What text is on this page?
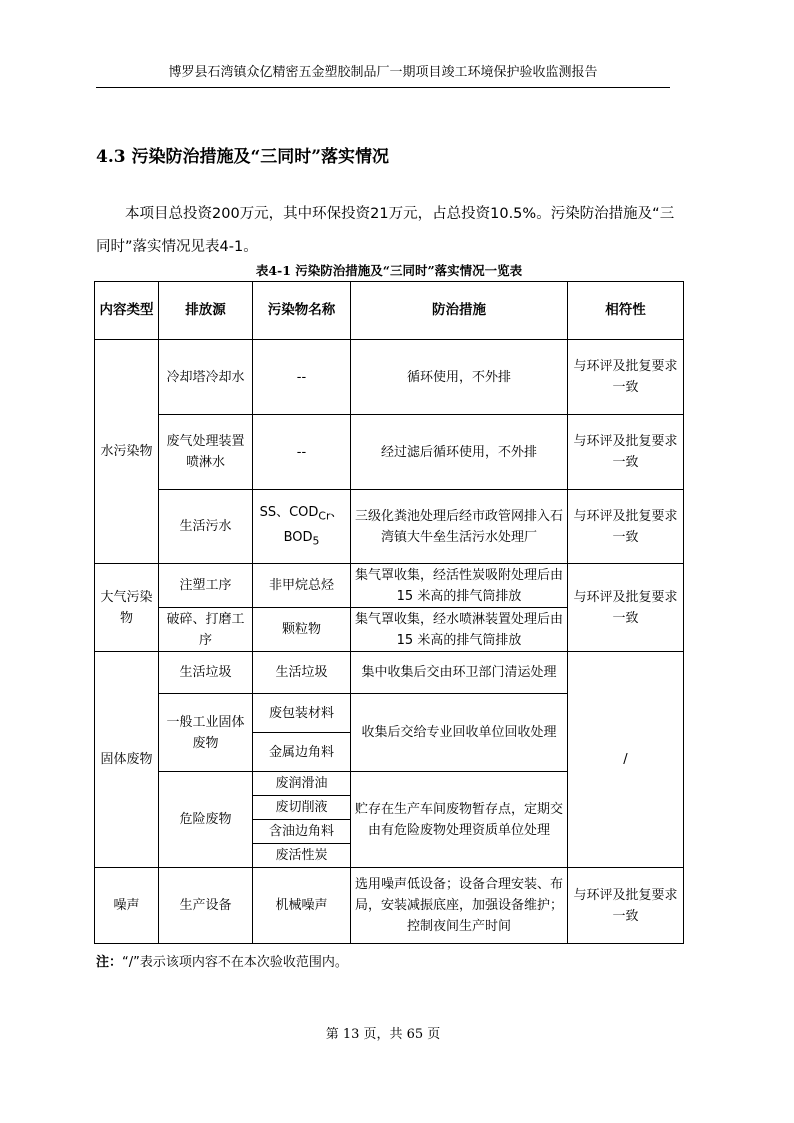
博罗县石湾镇众亿精密五金塑胶制品厂一期项目竣工环境保护验收监测报告
4.3 污染防治措施及“三同时”落实情况

本项目总投资200万元，其中环保投资21万元，占总投资10.5%。污染防治措施及“三同时”落实情况见表4-1。

表4-1 污染防治措施及“三同时”落实情况一览表
内容类型	排放源	污染物名称	防治措施	相符性
水污染物	冷却塔冷却水	--	循环使用，不外排	与环评及批复要求一致
	废气处理装置喷淋水	--	经过滤后循环使用，不外排	与环评及批复要求一致
	生活污水	SS、$COD_{Cr}$、$BOD_5$	三级化粪池处理后经市政管网排入石湾镇大牛垒生活污水处理厂	与环评及批复要求一致
大气污染物	注塑工序	非甲烷总烃	集气罩收集，经活性炭吸附处理后由 15 米高的排气筒排放	与环评及批复要求一致
	破碎、打磨工序	颗粒物	集气罩收集，经水喷淋装置处理后由 15 米高的排气筒排放	
固体废物	生活垃圾	生活垃圾	集中收集后交由环卫部门清运处理	/
	一般工业固体废物	废包装材料	收集后交给专业回收单位回收处理	
		金属边角料		
	危险废物	废润滑油	贮存在生产车间废物暂存点，定期交由有危险废物处理资质单位处理	
		废切削液		
		含油边角料		
		废活性炭		
噪声	生产设备	机械噪声	选用噪声低设备；设备合理安装、布局，安装减振底座，加强设备维护；控制夜间生产时间	与环评及批复要求一致
注：“/”表示该项内容不在本次验收范围内。
第 13 页，共 65 页
